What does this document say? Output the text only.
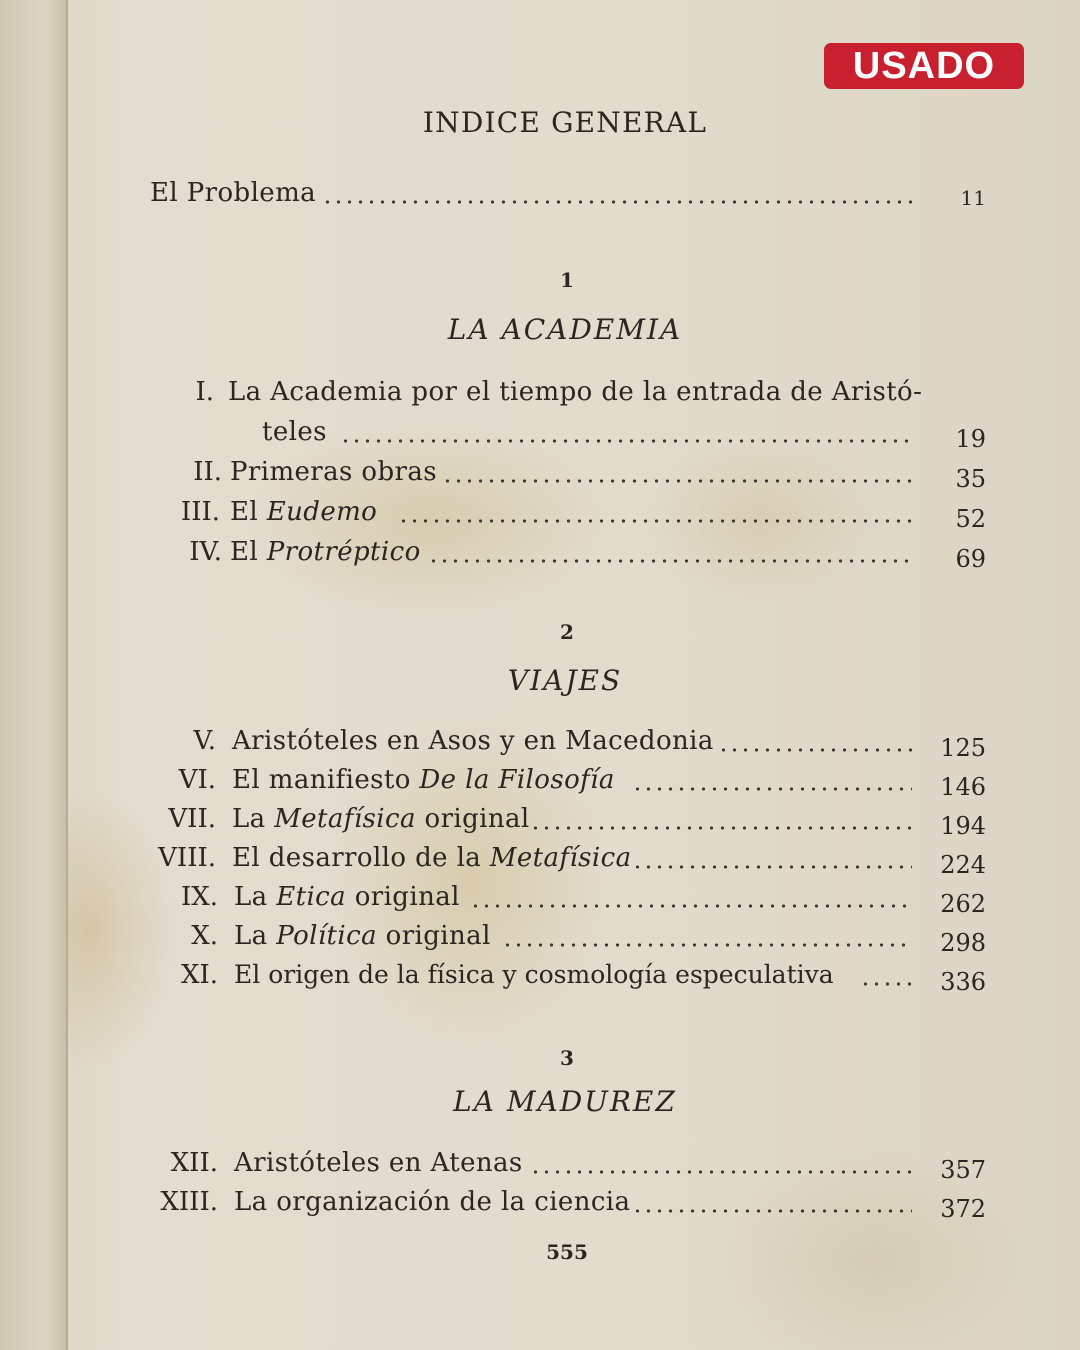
USADO
INDICE GENERAL
El Problema	11
1
LA ACADEMIA
I. La Academia por el tiempo de la entrada de Aristó-
teles	19
II. Primeras obras	35
III. El Eudemo	52
IV. El Protréptico	69
2
VIAJES
V. Aristóteles en Asos y en Macedonia	125
VI. El manifiesto De la Filosofía	146
VII. La Metafísica original	194
VIII. El desarrollo de la Metafísica	224
IX. La Etica original	262
X. La Política original	298
XI. El origen de la física y cosmología especulativa	336
3
LA MADUREZ
XII. Aristóteles en Atenas	357
XIII. La organización de la ciencia	372
555
